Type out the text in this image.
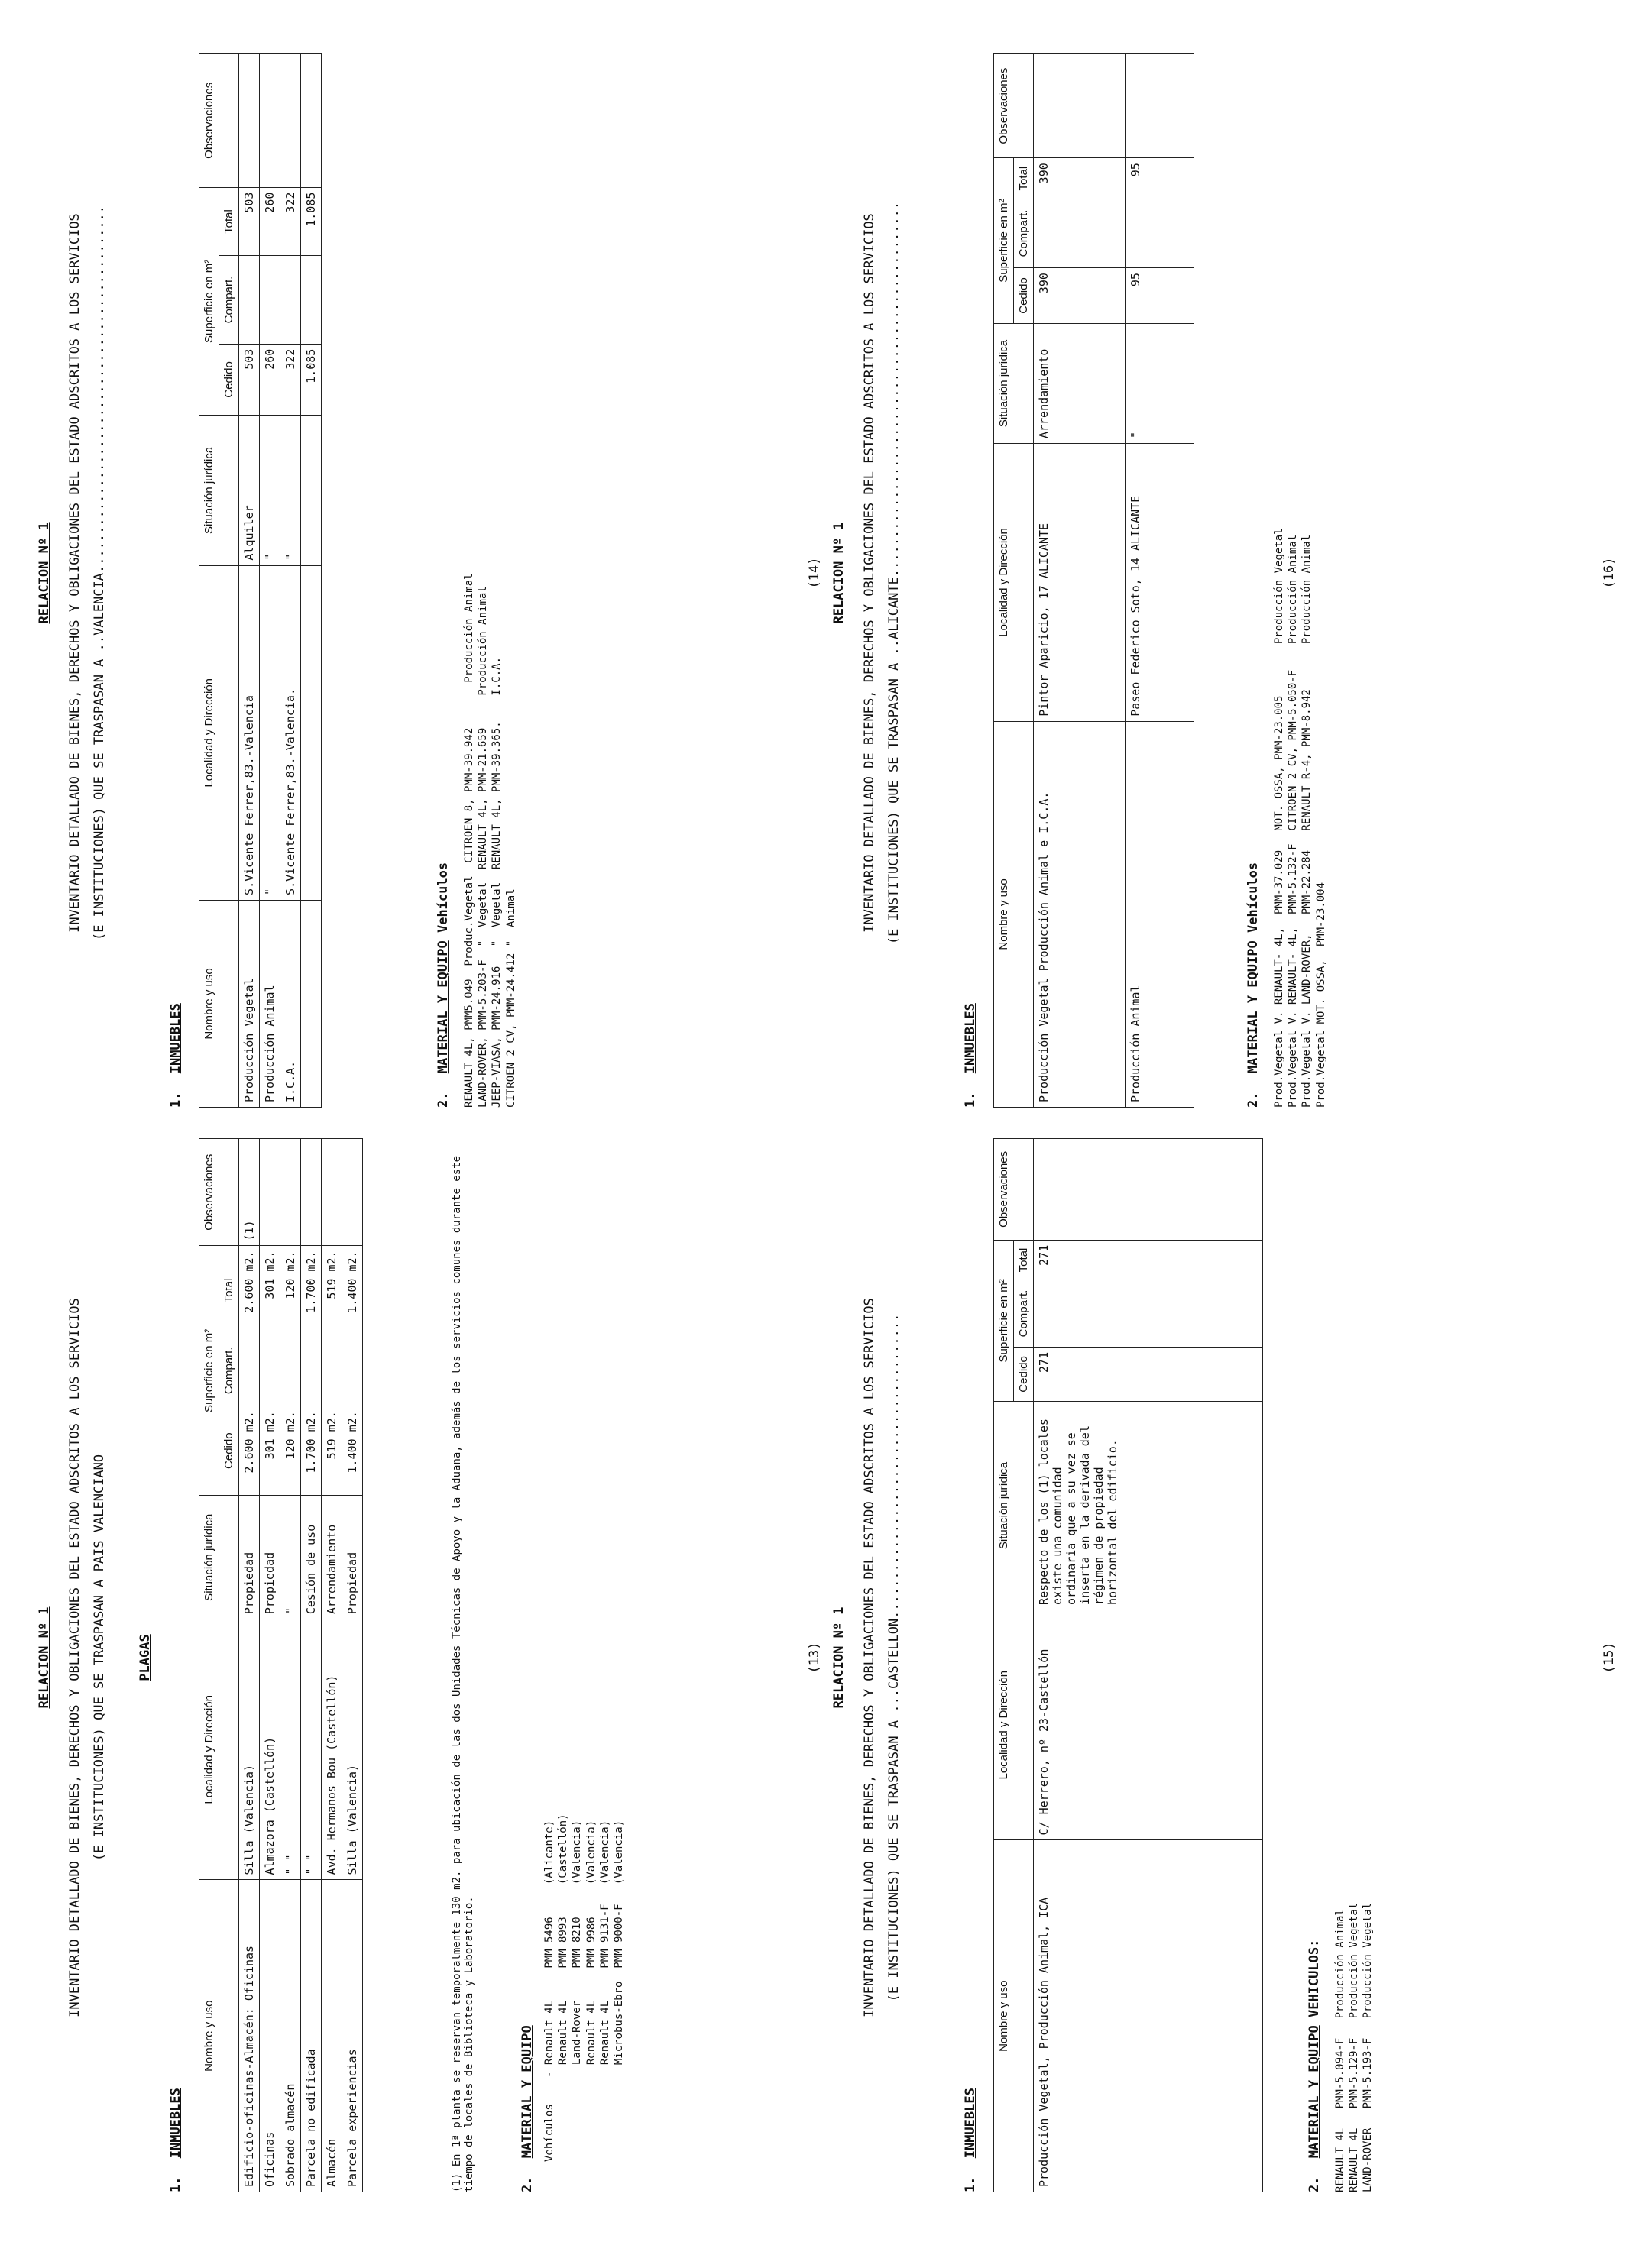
RELACION Nº 1 INVENTARIO DETALLADO DE BIENES, DERECHOS Y OBLIGACIONES DEL ESTADO ADSCRITOS A LOS SERVICIOS (E INSTITUCIONES) QUE SE TRASPASAN A PAIS VALENCIANO PLAGAS
1. INMUEBLES
Nombre y uso	Localidad y Dirección	Situación jurídica	Superficie en m²			Observaciones
			Cedido	Compart.	Total	
Edificio-oficinas-Almacén: Oficinas	Silla (Valencia)	Propiedad	2.600 m2.		2.600 m2.	(1)
Oficinas	Almazora (Castellón)	Propiedad	301 m2.		301 m2.	
Sobrado almacén	" "	"	120 m2.		120 m2.	
Parcela no edificada	" "	Cesión de uso	1.700 m2.		1.700 m2.	
Almacén	Avd. Hermanos Bou (Castellón)	Arrendamiento	519 m2.		519 m2.	
Parcela experiencias	Silla (Valencia)	Propiedad	1.400 m2.		1.400 m2.		(1) En 1ª planta se reservan temporalmente 130 m2. para ubicación de las dos Unidades Técnicas de Apoyo y la Aduana, además de los servicios comunes durante este tiempo de locales de Biblioteca y Laboratorio.	2. MATERIAL Y EQUIPO Vehículos
- Renault 4L     PMM 5496     (Alicante)
Renault 4L     PMM 8993     (Castellón)
Land-Rover     PMM 8210     (Valencia)
Renault 4L     PMM 9986     (Valencia)
Renault 4L     PMM 9131-F   (Valencia)
Microbus-Ebro  PMM 9000-F   (Valencia)
(13) RELACION Nº 1 INVENTARIO DETALLADO DE BIENES, DERECHOS Y OBLIGACIONES DEL ESTADO ADSCRITOS A LOS SERVICIOS (E INSTITUCIONES) QUE SE TRASPASAN A ...CASTELLON.......................................
1. INMUEBLES
Nombre y uso	Localidad y Dirección	Situación jurídica	Superficie en m²			Observaciones
			Cedido	Compart.	Total	
Producción Vegetal, Producción Animal, ICA	C/ Herrero, nº 23-Castellón	Respecto de los (1) locales existe una comunidad ordinaria que a su vez se inserta en la derivada del régimen de propiedad horizontal del edificio.	271		271	
2. MATERIAL Y EQUIPO VEHICULOS:
RENAULT 4L   PMM-5.094-F   Producción Animal
RENAULT 4L   PMM-5.129-F   Producción Vegetal
LAND-ROVER   PMM-5.193-F   Producción Vegetal
(15)
RELACION Nº 1 INVENTARIO DETALLADO DE BIENES, DERECHOS Y OBLIGACIONES DEL ESTADO ADSCRITOS A LOS SERVICIOS (E INSTITUCIONES) QUE SE TRASPASAN A ..VALENCIA...............................................
1. INMUEBLES Nombre y uso	Localidad y Dirección	Situación jurídica	Superficie en m²			Observaciones
			Cedido	Compart.	Total	
Producción Vegetal	S.Vicente Ferrer,83.-Valencia	Alquiler	503		503	
Producción Animal	"	"	260		260	
I.C.A.	S.Vicente Ferrer,83.-Valencia.	"	322		322	
			1.085		1.085	
2. MATERIAL Y EQUIPO Vehículos
RENAULT 4L, PMM5.049  Produc.Vegetal  CITROEN 8, PMM-39.942       Producción Animal
LAND-ROVER, PMM-5.203-F  "  Vegetal  RENAULT 4L, PMM-21.659     Producción Animal
JEEP-VIASA, PMM-24.916   "  Vegetal  RENAULT 4L, PMM-39.365.    I.C.A.
CITROEN 2 CV, PMM-24.412 "  Animal
(14) RELACION Nº 1 INVENTARIO DETALLADO DE BIENES, DERECHOS Y OBLIGACIONES DEL ESTADO ADSCRITOS A LOS SERVICIOS (E INSTITUCIONES) QUE SE TRASPASAN A ..ALICANTE................................................
1. INMUEBLES
Nombre y uso	Localidad y Dirección	Situación jurídica	Superficie en m²			Observaciones
			Cedido	Compart.	Total	
Producción Vegetal Producción Animal e I.C.A.	Pintor Aparicio, 17 ALICANTE	Arrendamiento	390		390	
Producción Animal	Paseo Federico Soto, 14 ALICANTE	"	95		95	
2. MATERIAL Y EQUIPO Vehículos
Prod.Vegetal V. RENAULT- 4L,  PMM-37.029   MOT. OSSA, PMM-23.005        Producción Vegetal
Prod.Vegetal V. RENAULT- 4L,  PMM-5.132-F  CITROEN 2 CV, PMM-5.050-F    Producción Animal
Prod.Vegetal V. LAND-ROVER,   PMM-22.284   RENAULT R-4, PMM-8.942       Producción Animal
Prod.Vegetal MOT. OSSA,  PMM-23.004
(16)
